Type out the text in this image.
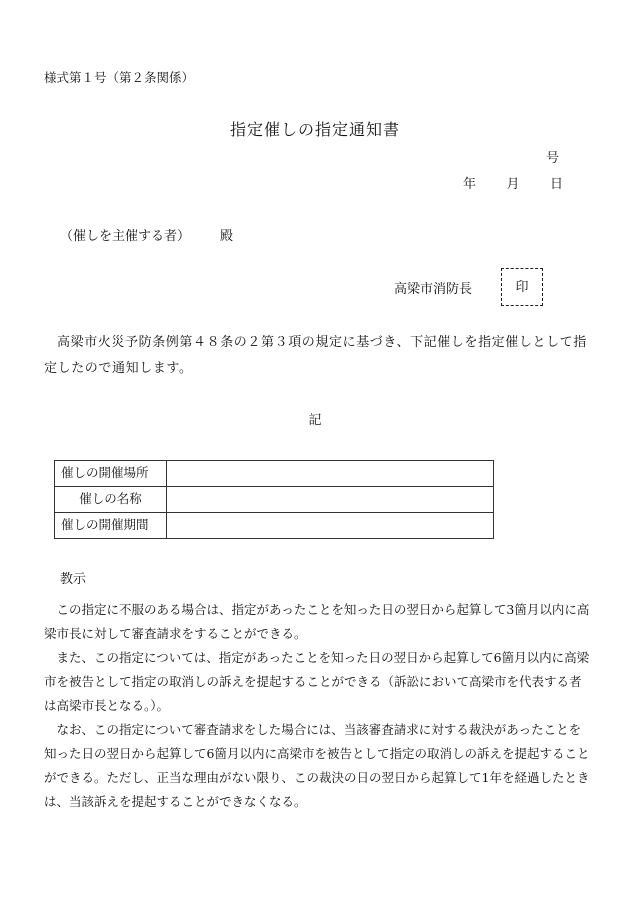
様式第１号（第２条関係）
指定催しの指定通知書
号
年 月 日
（催しを主催する者） 殿
高梁市消防長	印
高梁市火災予防条例第４８条の２第３項の規定に基づき、下記催しを指定催しとして指定したので通知します。
記
催しの開催場所	
催しの名称	
催しの開催期間	
教示

この指定に不服のある場合は、指定があったことを知った日の翌日から起算して3箇月以内に高梁市長に対して審査請求をすることができる。

また、この指定については、指定があったことを知った日の翌日から起算して6箇月以内に高梁市を被告として指定の取消しの訴えを提起することができる（訴訟において高梁市を代表する者は高梁市長となる。）。

なお、この指定について審査請求をした場合には、当該審査請求に対する裁決があったことを知った日の翌日から起算して6箇月以内に高梁市を被告として指定の取消しの訴えを提起することができる。ただし、正当な理由がない限り、この裁決の日の翌日から起算して1年を経過したときは、当該訴えを提起することができなくなる。
